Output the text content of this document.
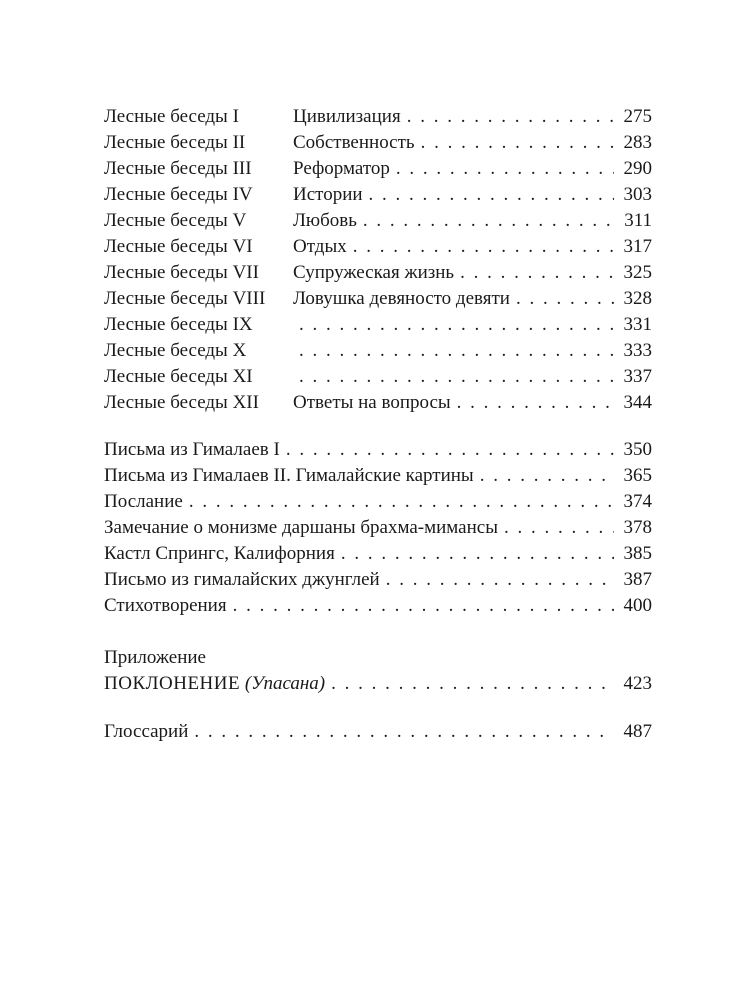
Лесные беседы I	Цивилизация . . .	275
Лесные беседы II	Собственность . . .	283
Лесные беседы III	Реформатор . . .	290
Лесные беседы IV	Истории . . .	303
Лесные беседы V	Любовь . . .	311
Лесные беседы VI	Отдых . . .	317
Лесные беседы VII	Супружеская жизнь . . .	325
Лесные беседы VIII	Ловушка девяносто девяти . . .	328
Лесные беседы IX . . .	331
Лесные беседы X . . .	333
Лесные беседы XI . . .	337
Лесные беседы XII	Ответы на вопросы . . .	344
Письма из Гималаев I . . .	350
Письма из Гималаев II. Гималайские картины . . .	365
Послание . . .	374
Замечание о монизме даршаны брахма-мимансы . . .	378
Кастл Спрингс, Калифорния . . .	385
Письмо из гималайских джунглей . . .	387
Стихотворения . . .	400
Приложение
ПОКЛОНЕНИЕ (Упасана) . . .	423
Глоссарий . . .	487
